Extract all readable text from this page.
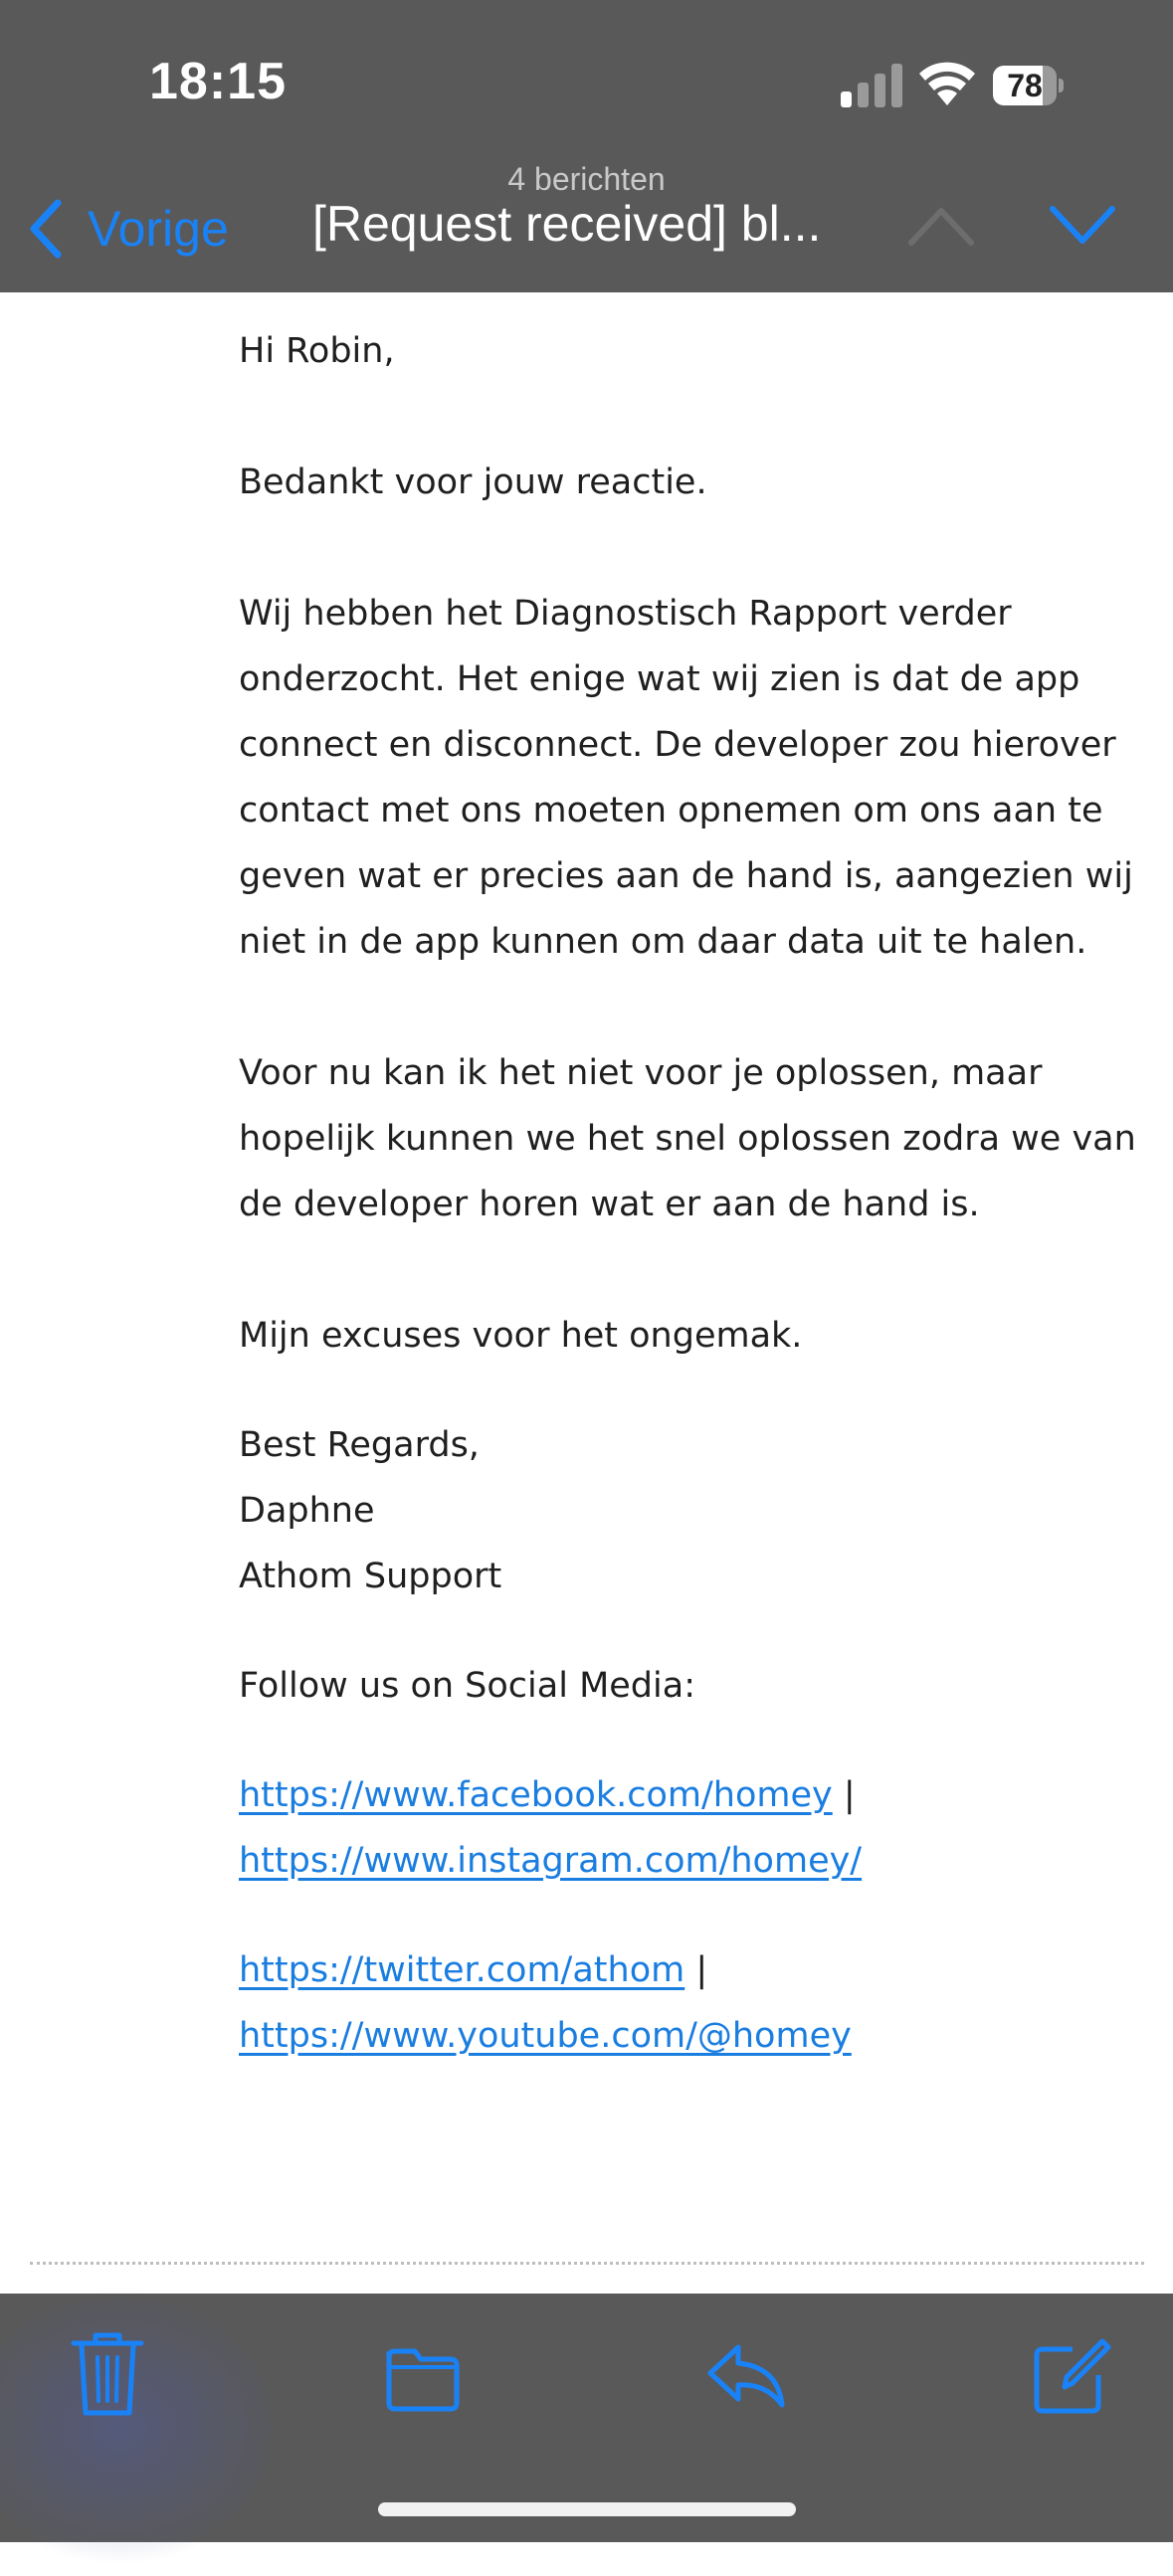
18:15	78
4 berichten
Vorige [Request received] bl...

Hi Robin,

Bedankt voor jouw reactie.

Wij hebben het Diagnostisch Rapport verder onderzocht. Het enige wat wij zien is dat de app connect en disconnect. De developer zou hierover contact met ons moeten opnemen om ons aan te geven wat er precies aan de hand is, aangezien wij niet in de app kunnen om daar data uit te halen.

Voor nu kan ik het niet voor je oplossen, maar hopelijk kunnen we het snel oplossen zodra we van de developer horen wat er aan de hand is.

Mijn excuses voor het ongemak.

Best Regards,

Daphne

Athom Support

Follow us on Social Media:

https://www.facebook.com/homey | https://www.instagram.com/homey/

https://twitter.com/athom | https://www.youtube.com/@homey
